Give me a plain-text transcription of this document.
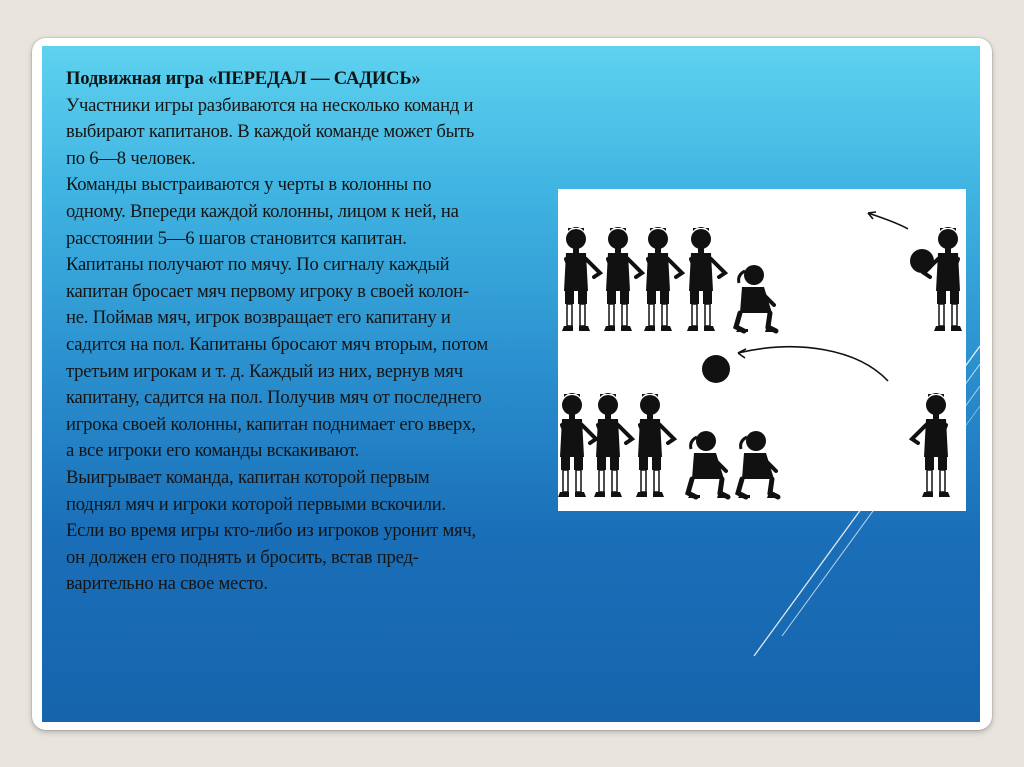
Подвижная игра «ПЕРЕДАЛ — САДИСЬ»

Участники игры разбиваются на несколько команд и

выбирают капитанов. В каждой команде может быть

по 6—8 человек.

Команды выстраиваются у черты в колонны по

одному. Впереди каждой колонны, лицом к ней, на

расстоянии 5—6 шагов становится капитан.

Капитаны получают по мячу. По сигналу каждый

капитан бросает мяч первому игроку в своей колон-

не. Поймав мяч, игрок возвращает его капитану и

садится на пол. Капитаны бросают мяч вторым, потом

третьим игрокам и т. д. Каждый из них, вернув мяч

капитану, садится на пол. Получив мяч от последнего

игрока своей колонны, капитан поднимает его вверх,

а все игроки его команды вскакивают.

Выигрывает команда, капитан которой первым

поднял мяч и игроки которой первыми вскочили.

Если во время игры кто-либо из игроков уронит мяч,

он должен его поднять и бросить, встав пред-

варительно на свое место.
